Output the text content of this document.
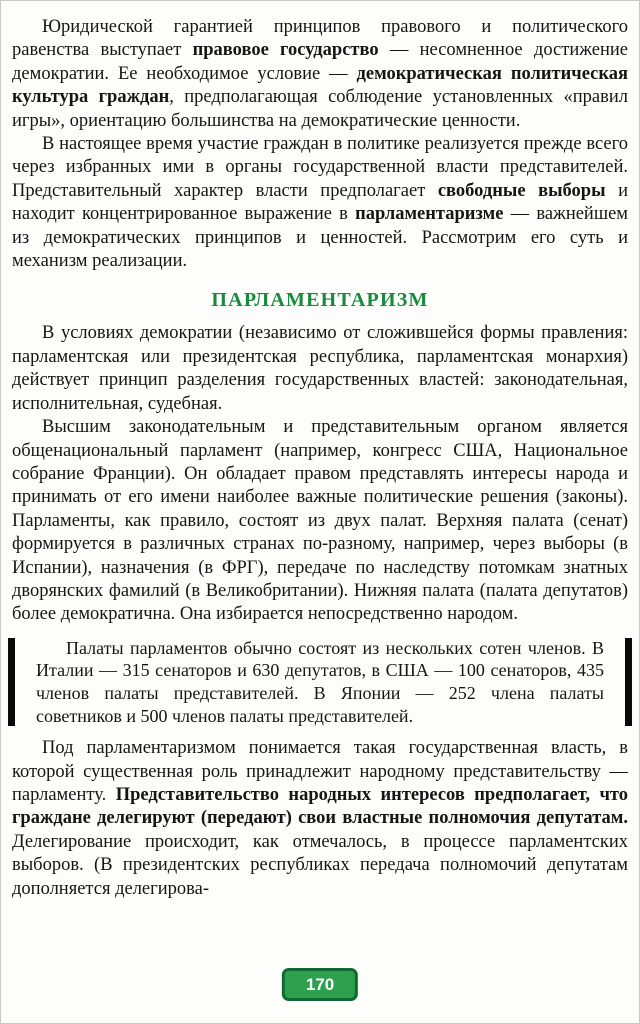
Юридической гарантией принципов правового и политического равенства выступает правовое государство — несомненное достижение демократии. Ее необходимое условие — демократическая политическая культура граждан, предполагающая соблюдение установленных «правил игры», ориентацию большинства на демократические ценности.

В настоящее время участие граждан в политике реализуется прежде всего через избранных ими в органы государственной власти представителей. Представительный характер власти предполагает свободные выборы и находит концентрированное выражение в парламентаризме — важнейшем из демократических принципов и ценностей. Рассмотрим его суть и механизм реализации.

ПАРЛАМЕНТАРИЗМ

В условиях демократии (независимо от сложившейся формы правления: парламентская или президентская республика, парламентская монархия) действует принцип разделения государственных властей: законодательная, исполнительная, судебная.

Высшим законодательным и представительным органом является общенациональный парламент (например, конгресс США, Национальное собрание Франции). Он обладает правом представлять интересы народа и принимать от его имени наиболее важные политические решения (законы). Парламенты, как правило, состоят из двух палат. Верхняя палата (сенат) формируется в различных странах по-разному, например, через выборы (в Испании), назначения (в ФРГ), передаче по наследству потомкам знатных дворянских фамилий (в Великобритании). Нижняя палата (палата депутатов) более демократична. Она избирается непосредственно народом.

Палаты парламентов обычно состоят из нескольких сотен членов. В Италии — 315 сенаторов и 630 депутатов, в США — 100 сенаторов, 435 членов палаты представителей. В Японии — 252 члена палаты советников и 500 членов палаты представителей.

Под парламентаризмом понимается такая государственная власть, в которой существенная роль принадлежит народному представительству — парламенту. Представительство народных интересов предполагает, что граждане делегируют (передают) свои властные полномочия депутатам. Делегирование происходит, как отмечалось, в процессе парламентских выборов. (В президентских республиках передача полномочий депутатам дополняется делегирова-

170
